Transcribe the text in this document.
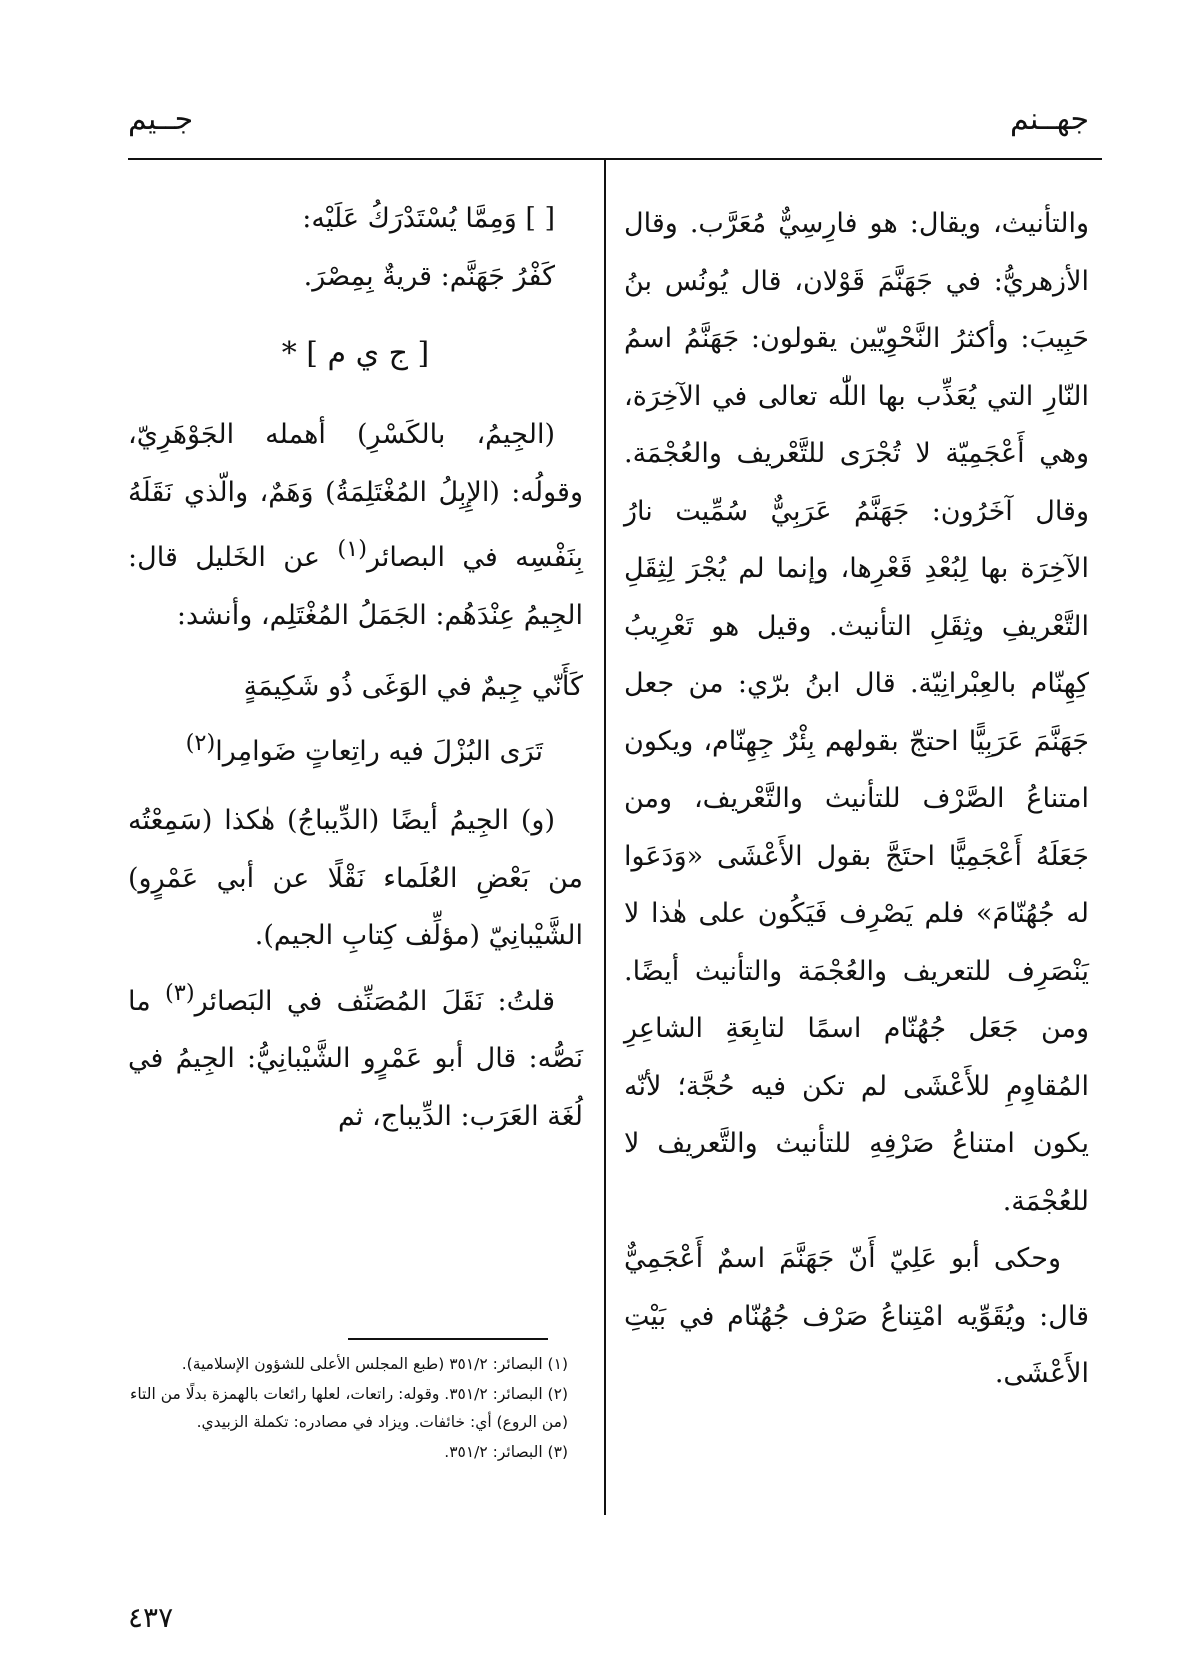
جهــنم
جــيم

والتأنيث، ويقال: هو فارِسِيٌّ مُعَرَّب. وقال الأزهريُّ: في جَهَنَّمَ قَوْلان، قال يُونُس بنُ حَبِيبَ: وأكثرُ النَّحْوِيّين يقولون: جَهَنَّمُ اسمُ النّارِ التي يُعَذِّب بها اللّٰه تعالى في الآخِرَة، وهي أَعْجَمِيّة لا تُجْرَى للتَّعْريف والعُجْمَة. وقال آخَرُون: جَهَنَّمُ عَرَبِيٌّ سُمِّيت نارُ الآخِرَة بها لِبُعْدِ قَعْرِها، وإنما لم يُجْرَ لِثِقَلِ التَّعْريفِ وثِقَلِ التأنيث. وقيل هو تَعْرِيبُ كِهِنّام بالعِبْرانِيّة. قال ابنُ برّي: من جعل جَهَنَّمَ عَرَبِيًّا احتجّ بقولهم بِئْرٌ جِهِنّام، ويكون امتناعُ الصَّرْف للتأنيث والتَّعْريف، ومن جَعَلَهُ أَعْجَمِيًّا احتَجَّ بقول الأَعْشَى «وَدَعَوا له جُهُنّامَ» فلم يَصْرِف فَيَكُون على هٰذا لا يَنْصَرِف للتعريف والعُجْمَة والتأنيث أيضًا. ومن جَعَل جُهُنّام اسمًا لتابِعَةِ الشاعِرِ المُقاوِمِ للأَعْشَى لم تكن فيه حُجَّة؛ لأنّه يكون امتناعُ صَرْفِهِ للتأنيث والتَّعريف لا للعُجْمَة.

وحكى أبو عَلِيّ أَنّ جَهَنَّمَ اسمٌ أَعْجَمِيٌّ قال: ويُقَوِّيه امْتِناعُ صَرْف جُهُنّام في بَيْتِ الأَعْشَى.

[ ] وَمِمَّا يُسْتَدْرَكُ عَلَيْه:

كَفْرُ جَهَنَّم: قريةٌ بِمِصْرَ.

[ ج ي م ] *

(الجِيمُ، بالكَسْرِ) أهمله الجَوْهَرِيّ، وقولُه: (الإِبِلُ المُغْتَلِمَةُ) وَهَمٌ، والّذي نَقَلَهُ بِنَفْسِه في البصائر$^{(١)}$ عن الخَليل قال: الجِيمُ عِنْدَهُم: الجَمَلُ المُغْتَلِم، وأنشد:

كَأَنّي جِيمٌ في الوَغَى ذُو شَكِيمَةٍ
تَرَى البُزْلَ فيه راتِعاتٍ ضَوامِرا$^{(٢)}$

(و) الجِيمُ أيضًا (الدِّيباجُ) هٰكذا (سَمِعْتُه من بَعْضِ العُلَماء نَقْلًا عن أبي عَمْرٍو) الشَّيْبانِيّ (مؤلِّف كِتابِ الجيم).

قلتُ: نَقَلَ المُصَنِّف في البَصائر$^{(٣)}$ ما نَصُّه: قال أبو عَمْرٍو الشَّيْبانِيُّ: الجِيمُ في لُغَة العَرَب: الدِّيباج، ثم

(١) البصائر: ٣٥١/٢ (طبع المجلس الأعلى للشؤون الإسلامية).
(٢) البصائر: ٣٥١/٢. وقوله: راتعات، لعلها رائعات بالهمزة بدلًا من التاء (من الروع) أي: خائفات. ويزاد في مصادره: تكملة الزبيدي.
(٣) البصائر: ٣٥١/٢.
٤٣٧
